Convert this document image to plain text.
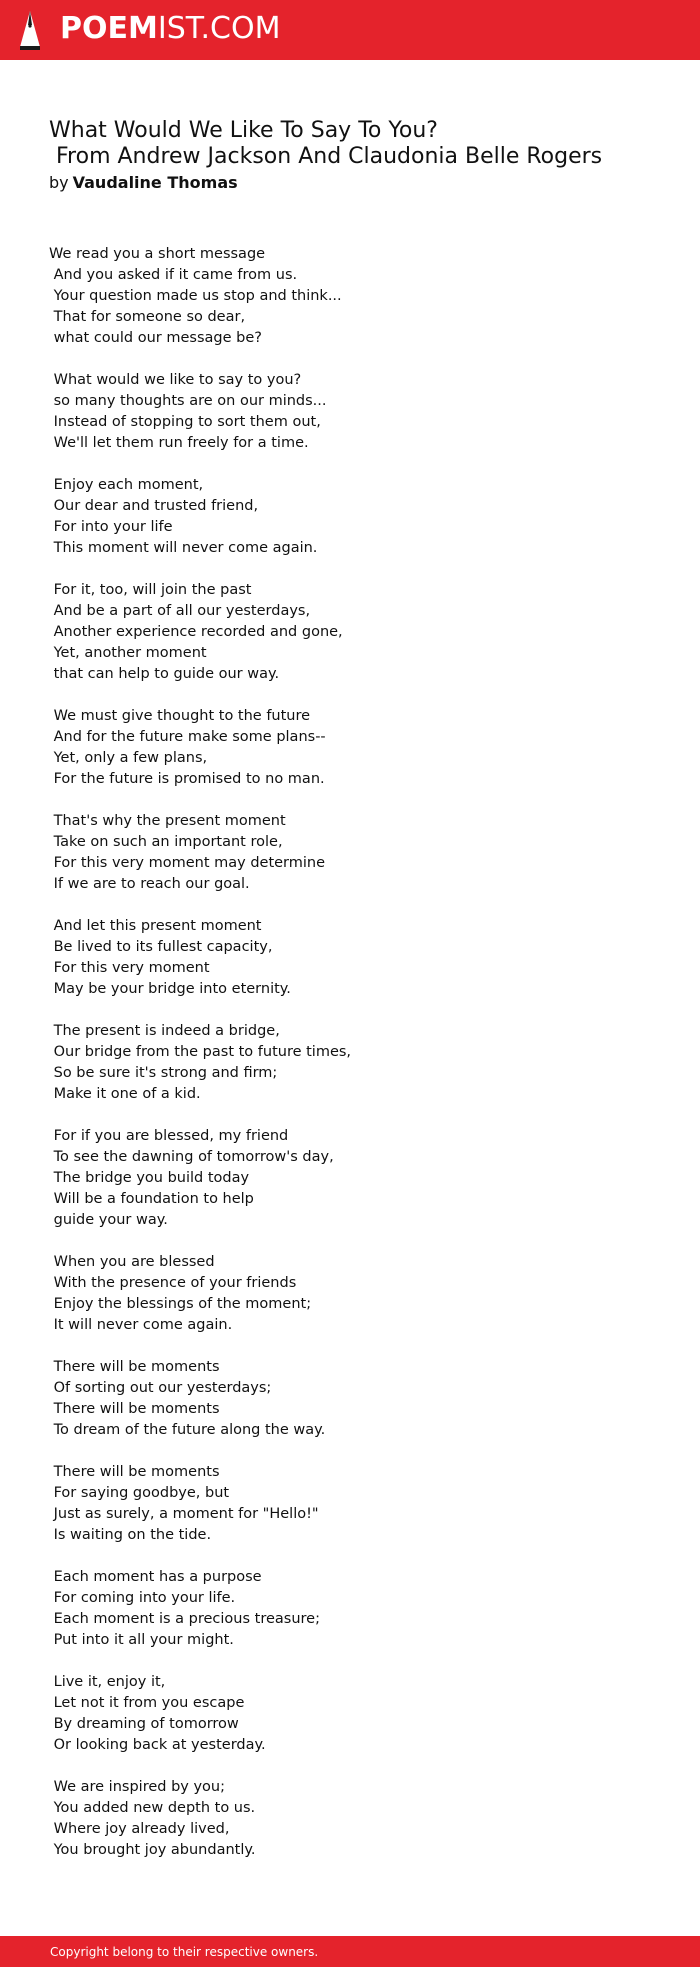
POEMIST.COM
What Would We Like To Say To You?
From Andrew Jackson And Claudonia Belle Rogers
by Vaudaline Thomas
We read you a short message
And you asked if it came from us.
Your question made us stop and think...
That for someone so dear,
what could our message be?

What would we like to say to you?
so many thoughts are on our minds...
Instead of stopping to sort them out,
We'll let them run freely for a time.

Enjoy each moment,
Our dear and trusted friend,
For into your life
This moment will never come again.

For it, too, will join the past
And be a part of all our yesterdays,
Another experience recorded and gone,
Yet, another moment
that can help to guide our way.

We must give thought to the future
And for the future make some plans--
Yet, only a few plans,
For the future is promised to no man.

That's why the present moment
Take on such an important role,
For this very moment may determine
If we are to reach our goal.

And let this present moment
Be lived to its fullest capacity,
For this very moment
May be your bridge into eternity.

The present is indeed a bridge,
Our bridge from the past to future times,
So be sure it's strong and firm;
Make it one of a kid.

For if you are blessed, my friend
To see the dawning of tomorrow's day,
The bridge you build today
Will be a foundation to help
guide your way.

When you are blessed
With the presence of your friends
Enjoy the blessings of the moment;
It will never come again.

There will be moments
Of sorting out our yesterdays;
There will be moments
To dream of the future along the way.

There will be moments
For saying goodbye, but
Just as surely, a moment for "Hello!"
Is waiting on the tide.

Each moment has a purpose
For coming into your life.
Each moment is a precious treasure;
Put into it all your might.

Live it, enjoy it,
Let not it from you escape
By dreaming of tomorrow
Or looking back at yesterday.

We are inspired by you;
You added new depth to us.
Where joy already lived,
You brought joy abundantly.
Copyright belong to their respective owners.
